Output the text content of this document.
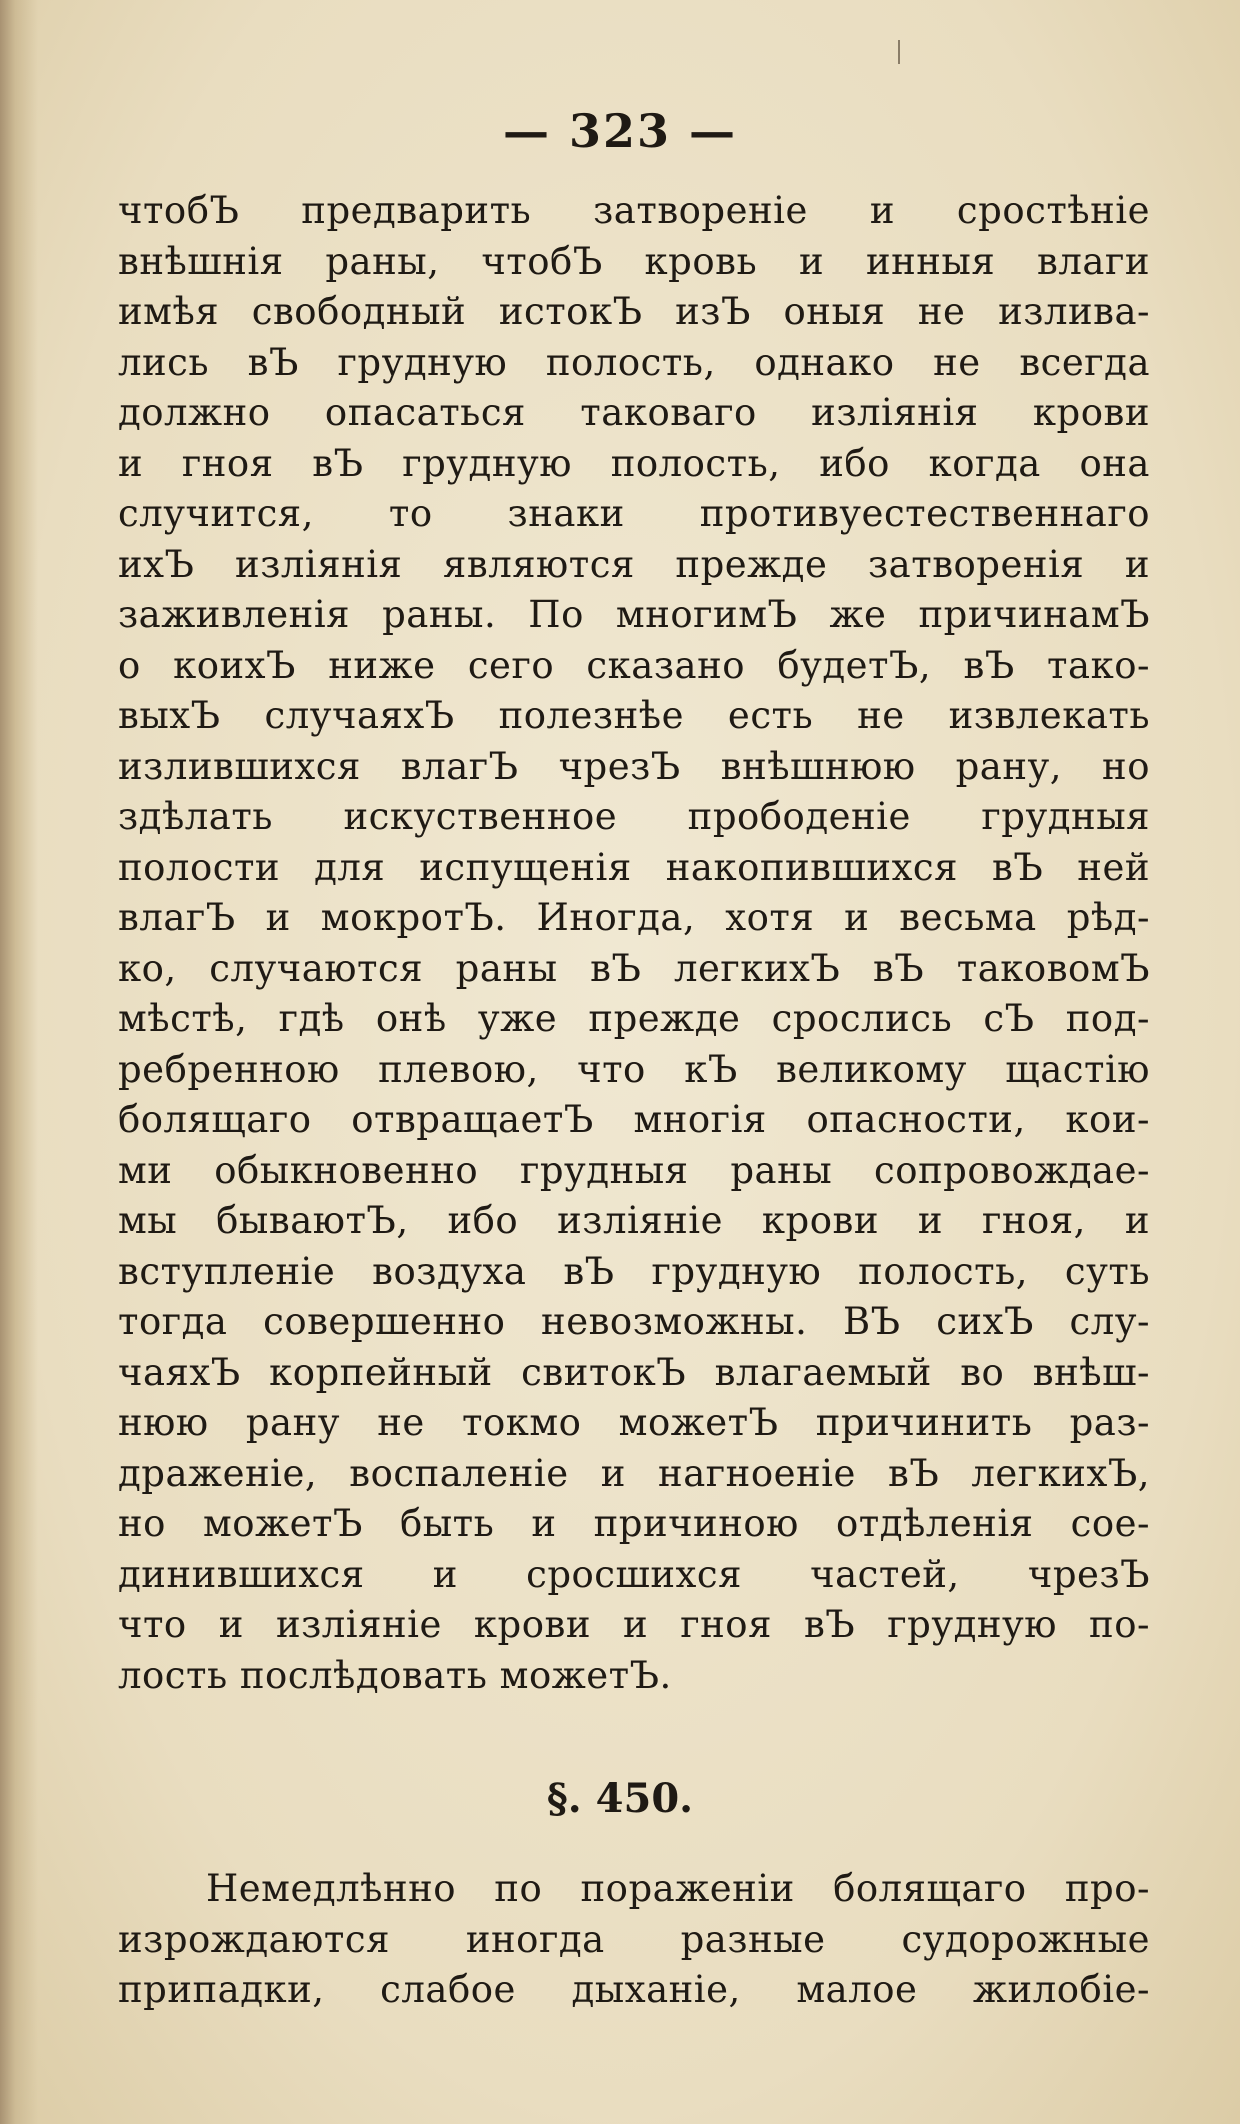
— 323 —
чтобЪ предварить затвореніе и сростѣніе
внѣшнія раны, чтобЪ кровь и инныя влаги
имѣя свободный истокЪ изЪ оныя не излива-
лись вЪ грудную полость, однако не всегда
должно опасаться таковаго изліянія крови
и гноя вЪ грудную полость, ибо когда она
случится, то знаки противуестественнаго
ихЪ изліянія являются прежде затворенія и
заживленія раны. По многимЪ же причинамЪ
о коихЪ ниже сего сказано будетЪ, вЪ тако-
выхЪ случаяхЪ полезнѣе есть не извлекать
излившихся влагЪ чрезЪ внѣшнюю рану, но
здѣлать искуственное прободеніе грудныя
полости для испущенія накопившихся вЪ ней
влагЪ и мокротЪ. Иногда, хотя и весьма рѣд-
ко, случаются раны вЪ легкихЪ вЪ таковомЪ
мѣстѣ, гдѣ онѣ уже прежде срослись сЪ под-
ребренною плевою, что кЪ великому щастію
болящаго отвращаетЪ многія опасности, кои-
ми обыкновенно грудныя раны сопровождае-
мы бываютЪ, ибо изліяніе крови и гноя, и
вступленіе воздуха вЪ грудную полость, суть
тогда совершенно невозможны. ВЪ сихЪ слу-
чаяхЪ корпейный свитокЪ влагаемый во внѣш-
нюю рану не токмо можетЪ причинить раз-
драженіе, воспаленіе и нагноеніе вЪ легкихЪ,
но можетЪ быть и причиною отдѣленія сое-
динившихся и сросшихся частей, чрезЪ
что и изліяніе крови и гноя вЪ грудную по-
лость послѣдовать можетЪ.
§. 450.
Немедлѣнно по пораженіи болящаго про-
изрождаются иногда разные судорожные
припадки, слабое дыханіе, малое жилобіе-
